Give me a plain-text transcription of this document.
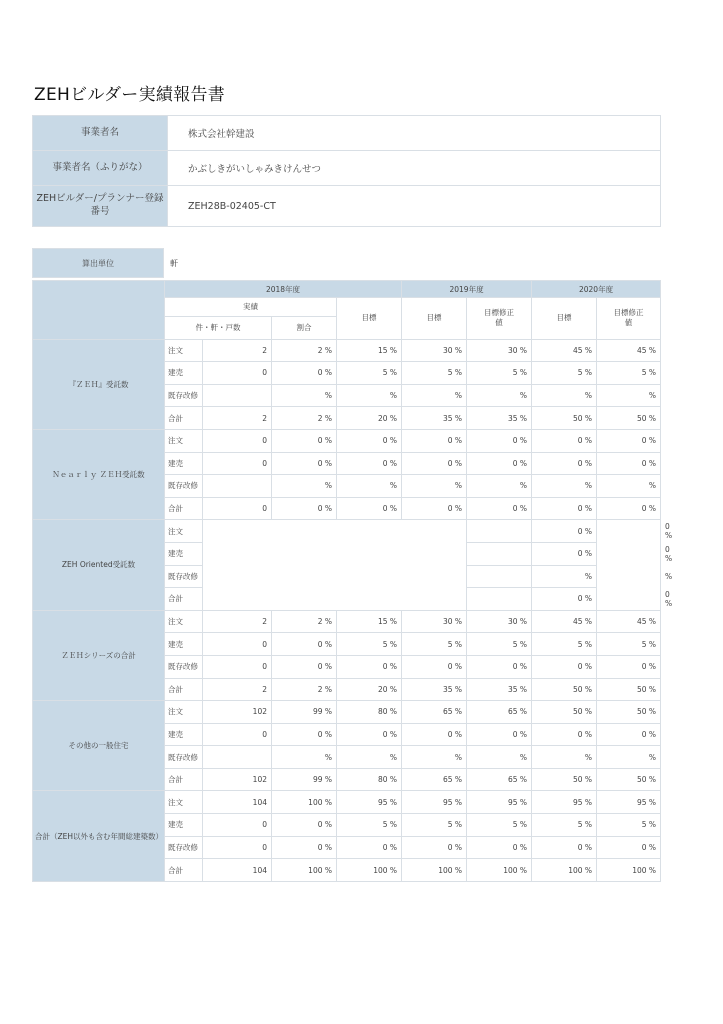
ZEHビルダー実績報告書
事業者名	株式会社幹建設
事業者名（ふりがな）	かぶしきがいしゃみきけんせつ
ZEHビルダー/プランナー登録番号	ZEH28B-02405-CT
算出単位	軒
	2018年度				2019年度		2020年度		
	実績			目標	目標	目標修正値	目標	目標修正値	
	件・軒・戸数		割合						
『ＺＥＨ』受託数	注文	2	2 %	15 %	30 %	30 %	45 %	45 %	
	建売	0	0 %	5 %	5 %	5 %	5 %	5 %	
	既存改修		%	%	%	%	%	%	
	合計	2	2 %	20 %	35 %	35 %	50 %	50 %	
Ｎｅａｒｌｙ ＺＥＨ受託数	注文	0	0 %	0 %	0 %	0 %	0 %	0 %	
	建売	0	0 %	0 %	0 %	0 %	0 %	0 %	
	既存改修		%	%	%	%	%	%	
	合計	0	0 %	0 %	0 %	0 %	0 %	0 %	
ZEH Oriented受託数	注文						0 %		0 %
	建売						0 %		0 %
	既存改修						%		%
	合計						0 %		0 %
ＺＥＨシリーズの合計	注文	2	2 %	15 %	30 %	30 %	45 %	45 %	
	建売	0	0 %	5 %	5 %	5 %	5 %	5 %	
	既存改修	0	0 %	0 %	0 %	0 %	0 %	0 %	
	合計	2	2 %	20 %	35 %	35 %	50 %	50 %	
その他の一般住宅	注文	102	99 %	80 %	65 %	65 %	50 %	50 %	
	建売	0	0 %	0 %	0 %	0 %	0 %	0 %	
	既存改修		%	%	%	%	%	%	
	合計	102	99 %	80 %	65 %	65 %	50 %	50 %	
合計（ZEH以外も含む年間総建築数）	注文	104	100 %	95 %	95 %	95 %	95 %	95 %	
	建売	0	0 %	5 %	5 %	5 %	5 %	5 %	
	既存改修	0	0 %	0 %	0 %	0 %	0 %	0 %	
	合計	104	100 %	100 %	100 %	100 %	100 %	100 %	
